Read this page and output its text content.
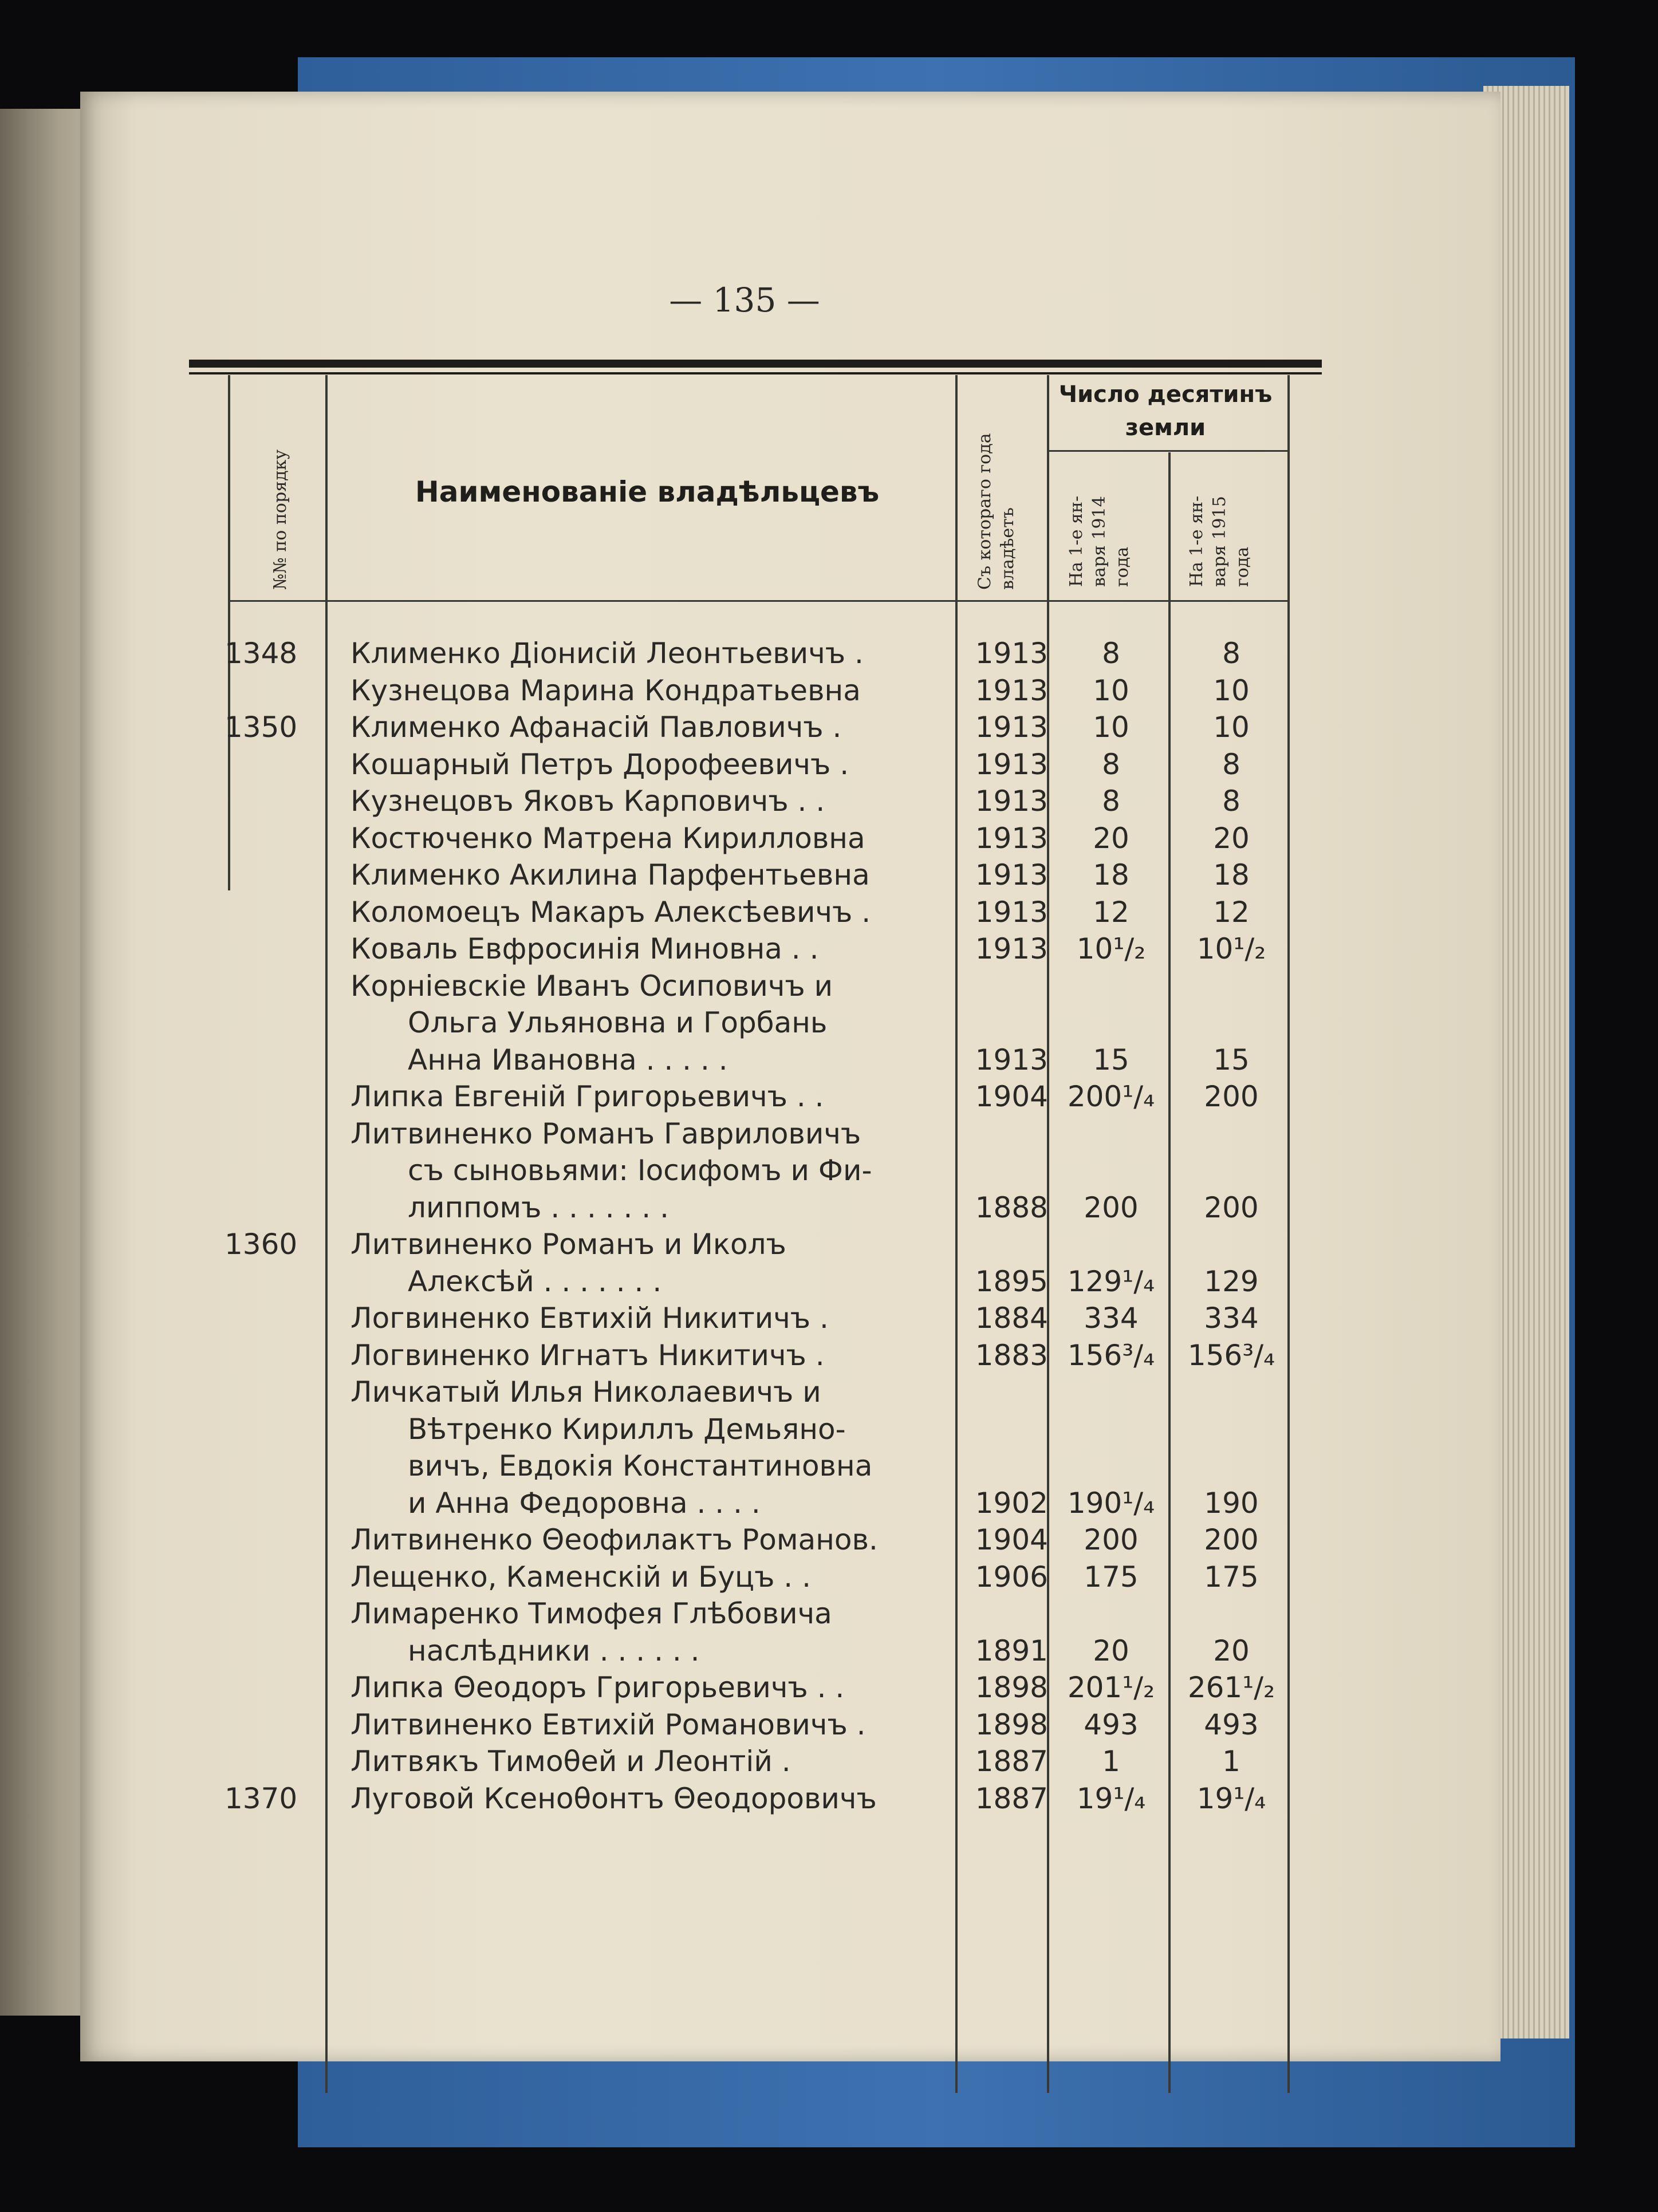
— 135 —
Наименованіе владѣльцевъ
Число десятинъ земли
№№ по порядку	Съ котораго года владѣетъ	На 1-е ян- варя 1914 года	На 1-е ян- варя 1915 года
1348	Клименко Діонисій Леонтьевичъ .	1913	8	8
Кузнецова Марина Кондратьевна	1913	10	10
1350	Клименко Афанасій Павловичъ .	1913	10	10
Кошарный Петръ Дорофеевичъ .	1913	8	8
Кузнецовъ Яковъ Карповичъ . .	1913	8	8
Костюченко Матрена Кирилловна	1913	20	20
Клименко Акилина Парфентьевна	1913	18	18
Коломоецъ Макаръ Алексѣевичъ .	1913	12	12
Коваль Евфросинія Миновна . .	1913 10¹/₂	10¹/₂
Корнiевскіе Иванъ Осиповичъ и
Ольга Ульяновна и Горбань
Анна Ивановна . . . . .	1913	15	15
Липка Евгеній Григорьевичъ . .	1904 200¹/₄	200
Литвиненко Романъ Гавриловичъ
съ сыновьями: Іосифомъ и Фи-
липпомъ . . . . . . .	1888	200	200
1360	Литвиненко Романъ и Иколъ
Алексѣй . . . . . . .	1895 129¹/₄	129
Логвиненко Евтихій Никитичъ .	1884	334	334
Логвиненко Игнатъ Никитичъ .	1883 156³/₄	156³/₄
Личкатый Илья Николаевичъ и
Вѣтренко Кириллъ Демьяно-
вичъ, Евдокія Константиновна
и Анна Федоровна . . . .	1902 190¹/₄	190
Литвиненко Θеофилактъ Романов.	1904	200	200
Лещенко, Каменскій и Буцъ . .	1906	175	175
Лимаренко Тимофея Глѣбовича
наслѣдники . . . . . .	1891	20	20
Липка Θеодоръ Григорьевичъ . .	1898 201¹/₂	261¹/₂
Литвиненко Евтихій Романовичъ .	1898	493	493
Литвякъ Тимоθей и Леонтій .	1887	1	1
1370	Луговой Ксеноθонтъ Θеодоровичъ	1887 19¹/₄	19¹/₄
